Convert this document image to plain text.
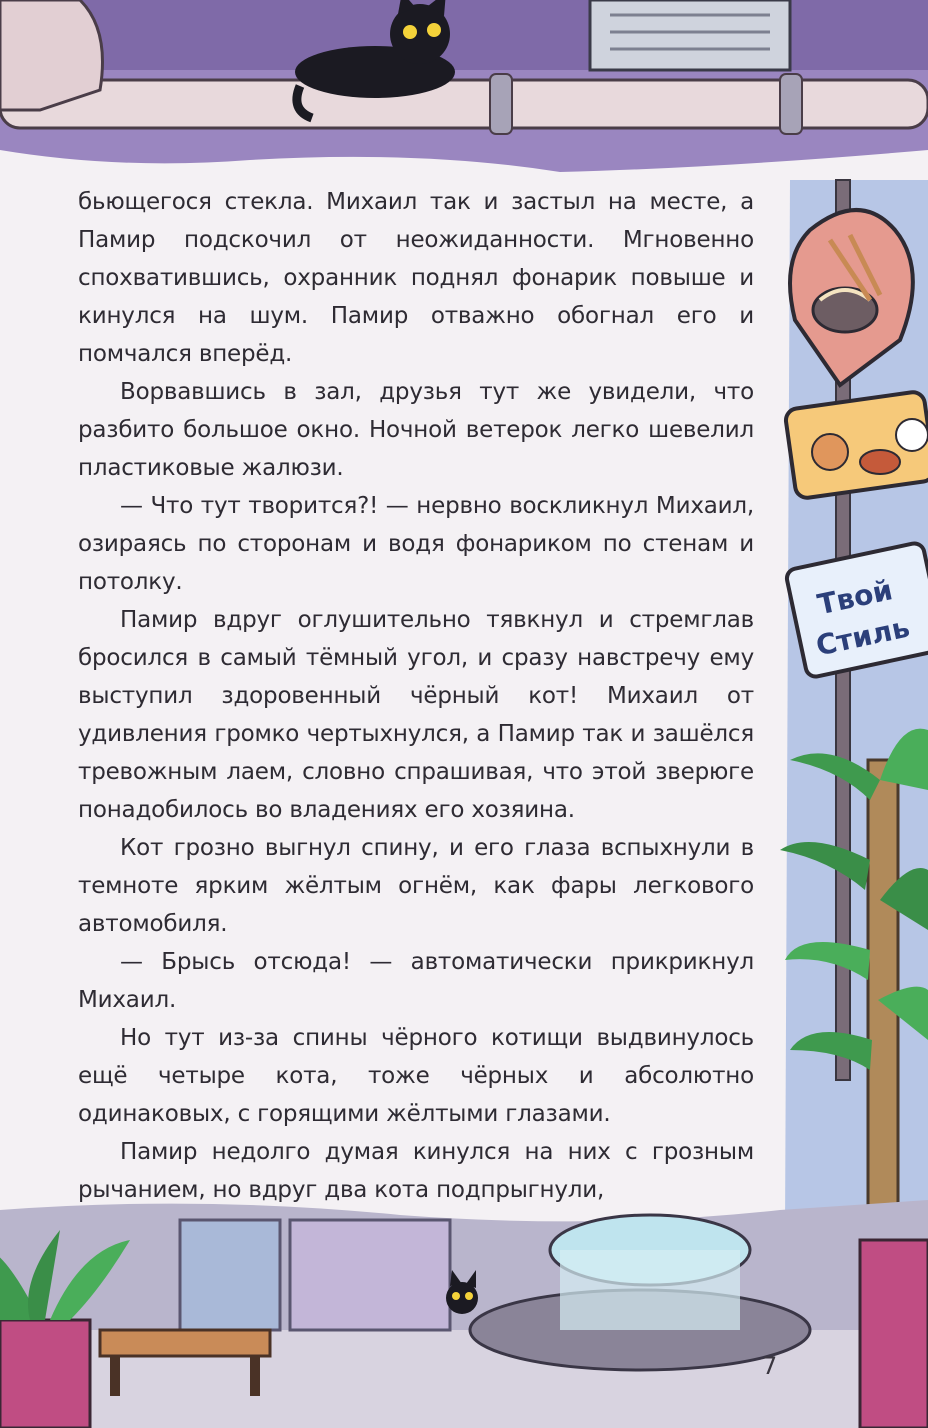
Твой
Стиль

бьющегося стекла. Михаил так и застыл на месте, а Памир подскочил от неожиданности. Мгновенно спохватившись, охранник поднял фонарик повыше и кинулся на шум. Памир отважно обогнал его и помчался вперёд.

Ворвавшись в зал, друзья тут же увидели, что разбито большое окно. Ночной ветерок легко шевелил пластиковые жалюзи.

— Что тут творится?! — нервно воскликнул Михаил, озираясь по сторонам и водя фонариком по стенам и потолку.

Памир вдруг оглушительно тявкнул и стремглав бросился в самый тёмный угол, и сразу навстречу ему выступил здоровенный чёрный кот! Михаил от удивления громко чертыхнулся, а Памир так и зашёлся тревожным лаем, словно спрашивая, что этой зверюге понадобилось во владениях его хозяина.

Кот грозно выгнул спину, и его глаза вспыхнули в темноте ярким жёлтым огнём, как фары легкового автомобиля.

— Брысь отсюда! — автоматически прикрикнул Михаил.

Но тут из-за спины чёрного котищи выдвинулось ещё четыре кота, тоже чёрных и абсолютно одинаковых, с горящими жёлтыми глазами.

Памир недолго думая кинулся на них с грозным рычанием, но вдруг два кота подпрыгнули,

7
